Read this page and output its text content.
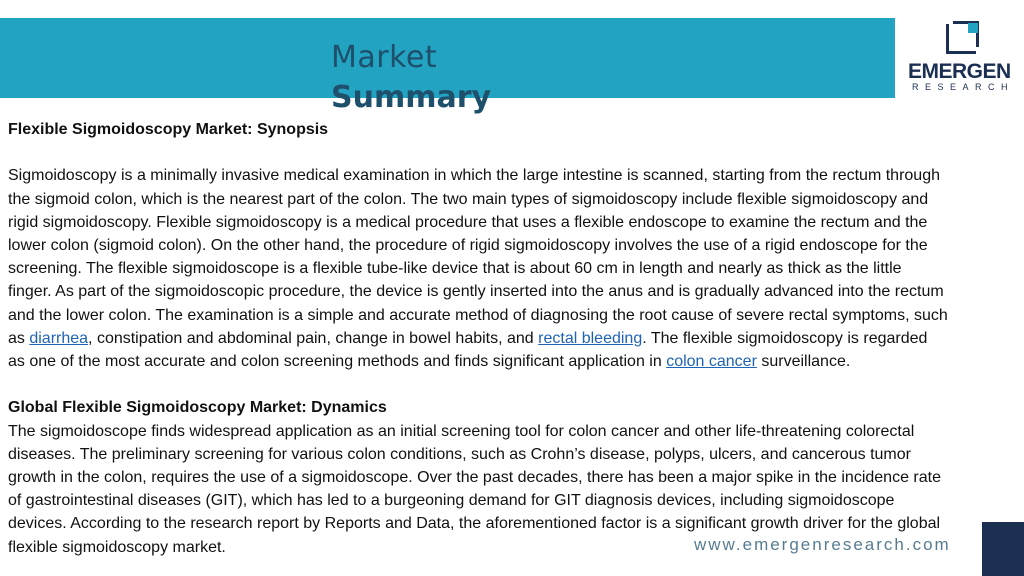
Market
Summary
EMERGEN
RESEARCH

Flexible Sigmoidoscopy Market: Synopsis

Sigmoidoscopy is a minimally invasive medical examination in which the large intestine is scanned, starting from the rectum through the sigmoid colon, which is the nearest part of the colon. The two main types of sigmoidoscopy include flexible sigmoidoscopy and rigid sigmoidoscopy. Flexible sigmoidoscopy is a medical procedure that uses a flexible endoscope to examine the rectum and the lower colon (sigmoid colon). On the other hand, the procedure of rigid sigmoidoscopy involves the use of a rigid endoscope for the screening. The flexible sigmoidoscope is a flexible tube-like device that is about 60 cm in length and nearly as thick as the little finger. As part of the sigmoidoscopic procedure, the device is gently inserted into the anus and is gradually advanced into the rectum and the lower colon. The examination is a simple and accurate method of diagnosing the root cause of severe rectal symptoms, such as diarrhea, constipation and abdominal pain, change in bowel habits, and rectal bleeding. The flexible sigmoidoscopy is regarded as one of the most accurate and colon screening methods and finds significant application in colon cancer surveillance.

Global Flexible Sigmoidoscopy Market: Dynamics

The sigmoidoscope finds widespread application as an initial screening tool for colon cancer and other life-threatening colorectal diseases. The preliminary screening for various colon conditions, such as Crohn’s disease, polyps, ulcers, and cancerous tumor growth in the colon, requires the use of a sigmoidoscope. Over the past decades, there has been a major spike in the incidence rate of gastrointestinal diseases (GIT), which has led to a burgeoning demand for GIT diagnosis devices, including sigmoidoscope devices. According to the research report by Reports and Data, the aforementioned factor is a significant growth driver for the global flexible sigmoidoscopy market.	www.emergenresearch.com
